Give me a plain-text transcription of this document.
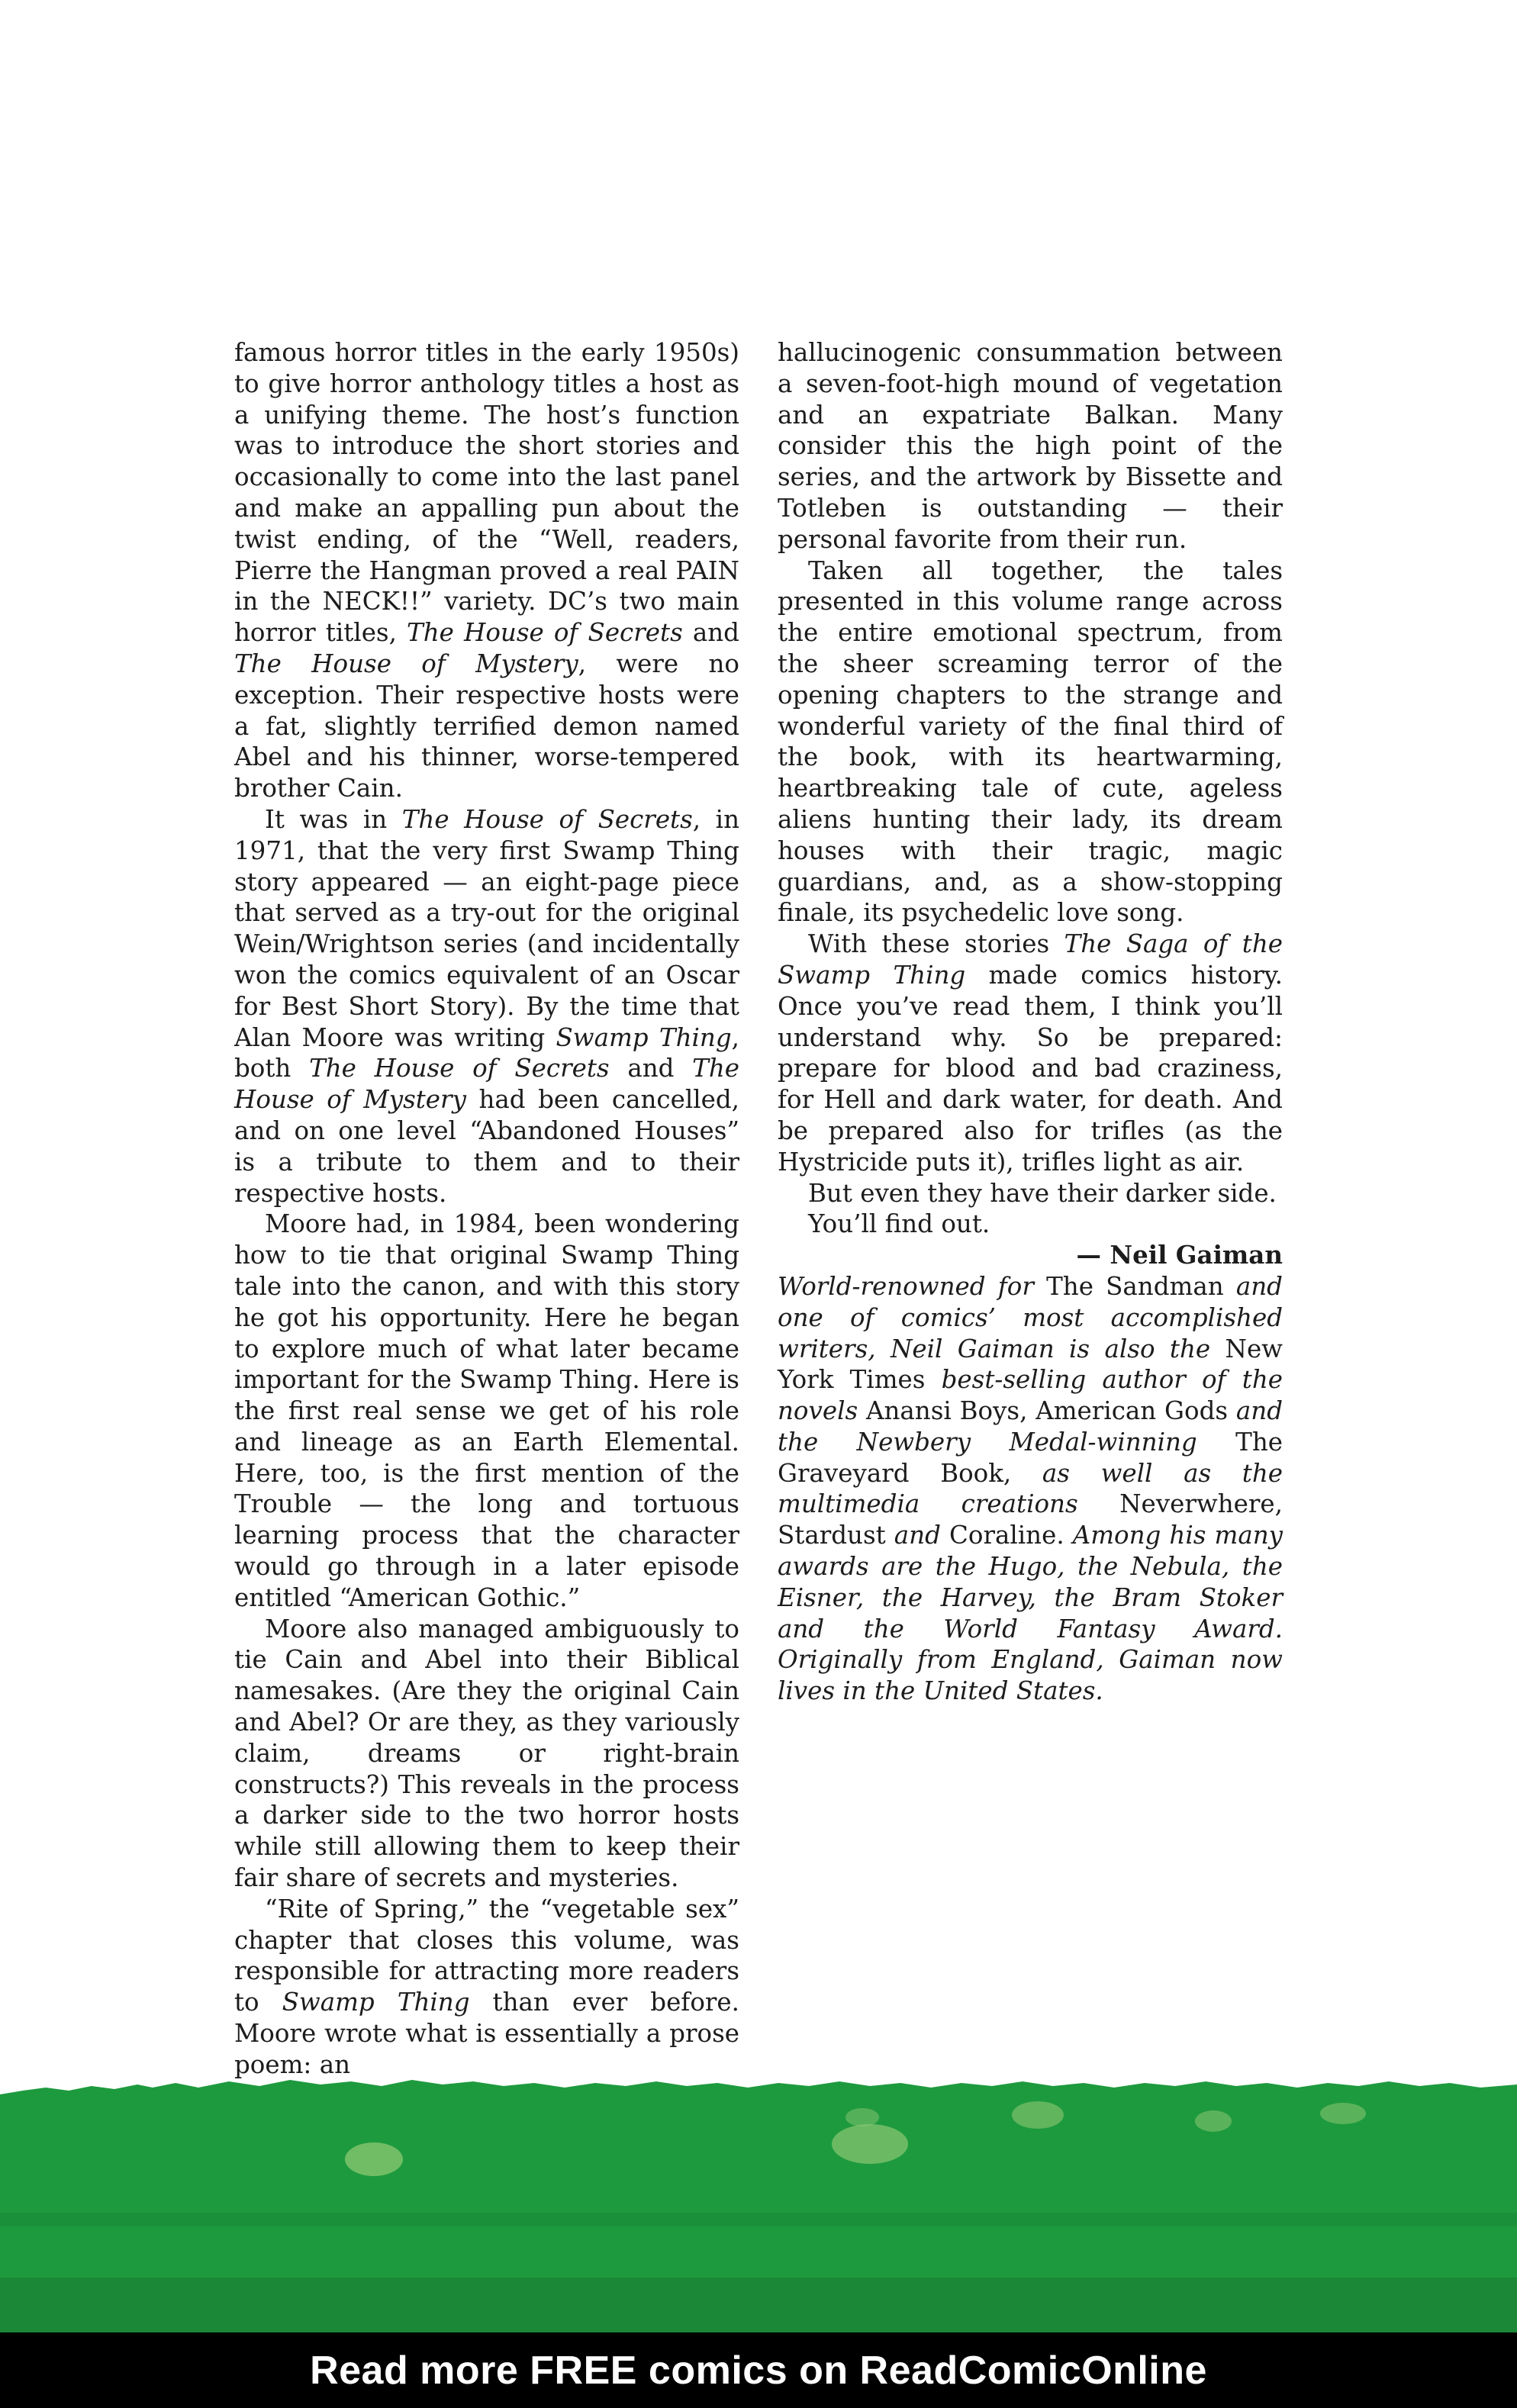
famous horror titles in the early 1950s) to give horror anthology titles a host as a unifying theme. The host’s function was to introduce the short stories and occasionally to come into the last panel and make an appalling pun about the twist ending, of the “Well, readers, Pierre the Hangman proved a real PAIN in the NECK!!” variety. DC’s two main horror titles, The House of Secrets and The House of Mystery, were no exception. Their respective hosts were a fat, slightly terrified demon named Abel and his thinner, worse-tempered brother Cain.

It was in The House of Secrets, in 1971, that the very first Swamp Thing story appeared — an eight-page piece that served as a try-out for the original Wein/Wrightson series (and incidentally won the comics equivalent of an Oscar for Best Short Story). By the time that Alan Moore was writing Swamp Thing, both The House of Secrets and The House of Mystery had been cancelled, and on one level “Abandoned Houses” is a tribute to them and to their respective hosts.

Moore had, in 1984, been wondering how to tie that original Swamp Thing tale into the canon, and with this story he got his opportunity. Here he began to explore much of what later became important for the Swamp Thing. Here is the first real sense we get of his role and lineage as an Earth Elemental. Here, too, is the first mention of the Trouble — the long and tortuous learning process that the character would go through in a later episode entitled “American Gothic.”

Moore also managed ambiguously to tie Cain and Abel into their Biblical namesakes. (Are they the original Cain and Abel? Or are they, as they variously claim, dreams or right-brain constructs?) This reveals in the process a darker side to the two horror hosts while still allowing them to keep their fair share of secrets and mysteries.

“Rite of Spring,” the “vegetable sex” chapter that closes this volume, was responsible for attracting more readers to Swamp Thing than ever before. Moore wrote what is essentially a prose poem: an

hallucinogenic consummation between a seven-foot-high mound of vegetation and an expatriate Balkan. Many consider this the high point of the series, and the artwork by Bissette and Totleben is outstanding — their personal favorite from their run.

Taken all together, the tales presented in this volume range across the entire emotional spectrum, from the sheer screaming terror of the opening chapters to the strange and wonderful variety of the final third of the book, with its heartwarming, heartbreaking tale of cute, ageless aliens hunting their lady, its dream houses with their tragic, magic guardians, and, as a show-stopping finale, its psychedelic love song.

With these stories The Saga of the Swamp Thing made comics history. Once you’ve read them, I think you’ll understand why. So be prepared: prepare for blood and bad craziness, for Hell and dark water, for death. And be prepared also for trifles (as the Hystricide puts it), trifles light as air.

But even they have their darker side.

You’ll find out.

— Neil Gaiman

World-renowned for The Sandman and one of comics’ most accomplished writers, Neil Gaiman is also the New York Times best-selling author of the novels Anansi Boys, American Gods and the Newbery Medal-winning The Graveyard Book, as well as the multimedia creations Neverwhere, Stardust and Coraline. Among his many awards are the Hugo, the Nebula, the Eisner, the Harvey, the Bram Stoker and the World Fantasy Award. Originally from England, Gaiman now lives in the United States.

Read more FREE comics on ReadComicOnline
